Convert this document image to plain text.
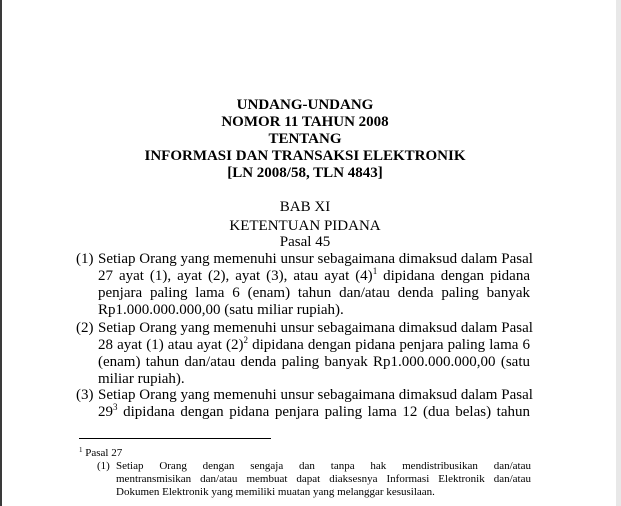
UNDANG-UNDANG
NOMOR 11 TAHUN 2008
TENTANG
INFORMASI DAN TRANSAKSI ELEKTRONIK
[LN 2008/58, TLN 4843]
BAB XI
KETENTUAN PIDANA
Pasal 45
(1) Setiap Orang yang memenuhi unsur sebagaimana dimaksud dalam Pasal
27 ayat (1), ayat (2), ayat (3), atau ayat $(4)^1$ dipidana dengan pidana
penjara paling lama 6 (enam) tahun dan/atau denda paling banyak
Rp1.000.000.000,00 (satu miliar rupiah).
(2) Setiap Orang yang memenuhi unsur sebagaimana dimaksud dalam Pasal
28 ayat (1) atau ayat $(2)^2$ dipidana dengan pidana penjara paling lama 6
(enam) tahun dan/atau denda paling banyak Rp1.000.000.000,00 (satu
miliar rupiah).
(3) Setiap Orang yang memenuhi unsur sebagaimana dimaksud dalam Pasal
$29^3$ dipidana dengan pidana penjara paling lama 12 (dua belas) tahun
$^1$ Pasal 27
(1) Setiap Orang dengan sengaja dan tanpa hak mendistribusikan dan/atau
mentransmisikan dan/atau membuat dapat diaksesnya Informasi Elektronik dan/atau
Dokumen Elektronik yang memiliki muatan yang melanggar kesusilaan.
